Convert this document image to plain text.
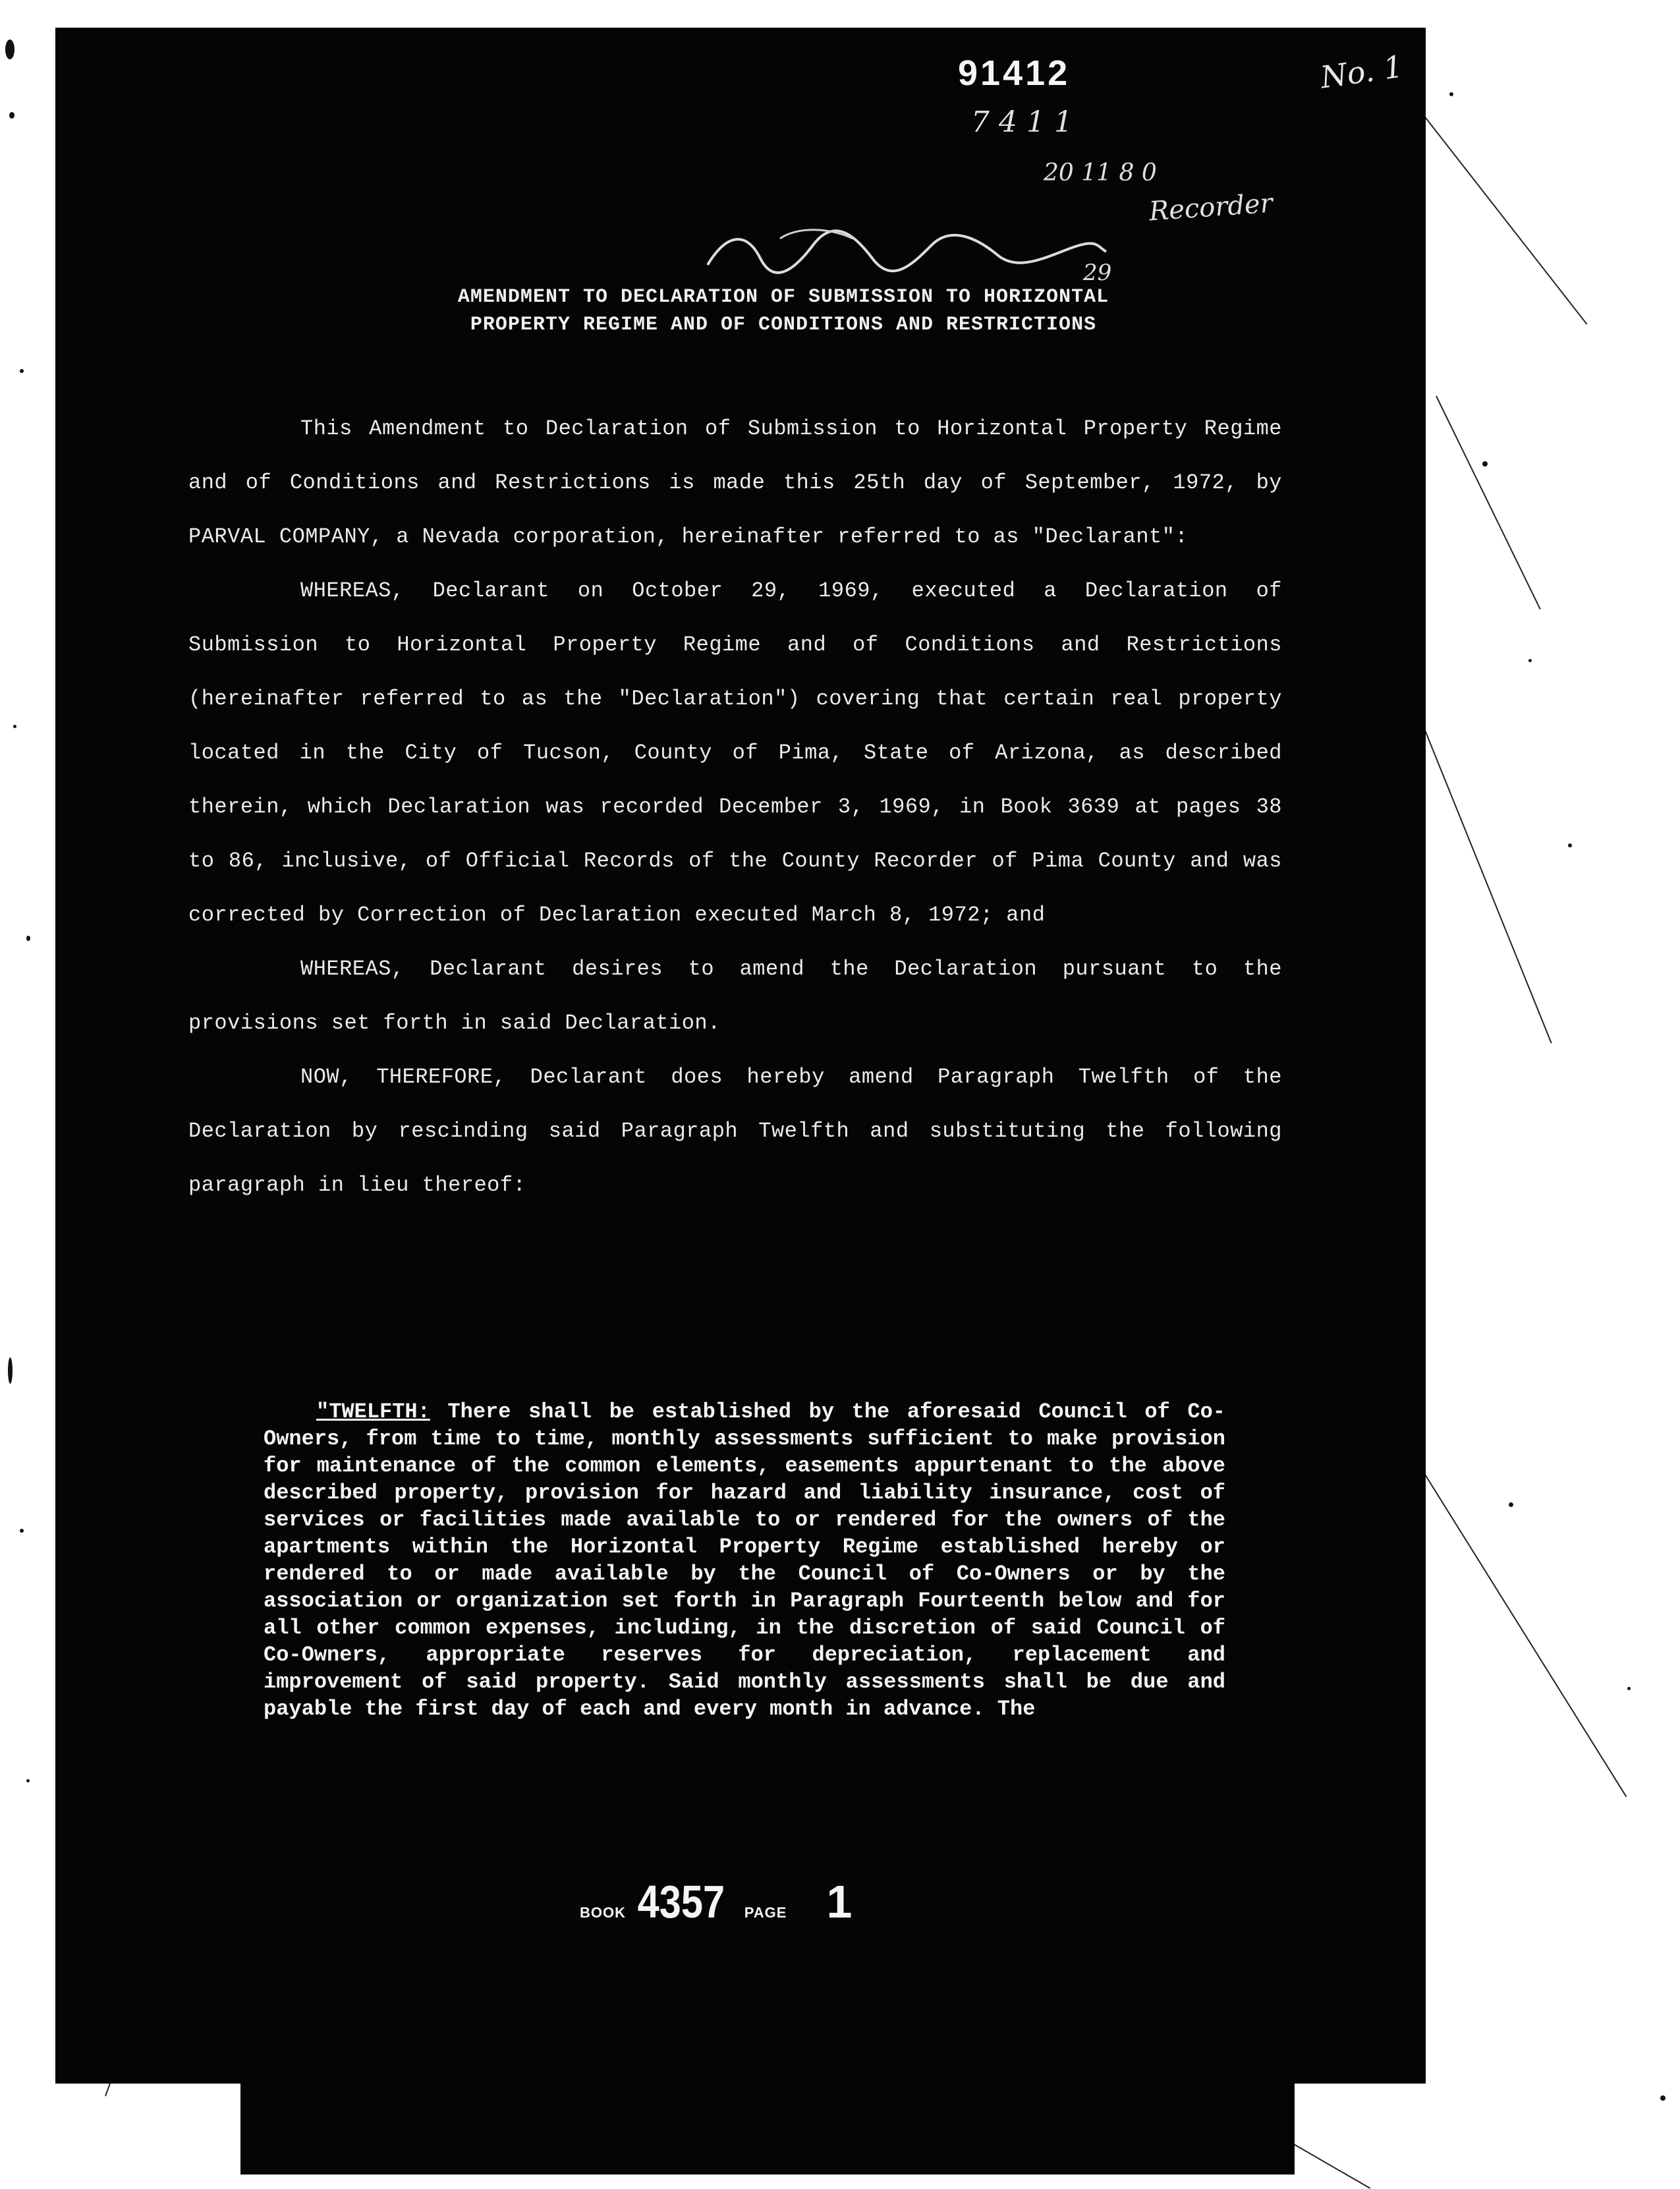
91412	No. 1
7 4 1 1
20 11 8 0
Recorder
29
AMENDMENT TO DECLARATION OF SUBMISSION TO HORIZONTAL
PROPERTY REGIME AND OF CONDITIONS AND RESTRICTIONS

This Amendment to Declaration of Submission to Horizontal Property Regime and of Conditions and Restrictions is made this 25th day of September, 1972, by PARVAL COMPANY, a Nevada corporation, hereinafter referred to as "Declarant":

WHEREAS, Declarant on October 29, 1969, executed a Declaration of Submission to Horizontal Property Regime and of Conditions and Restrictions (hereinafter referred to as the "Declaration") covering that certain real property located in the City of Tucson, County of Pima, State of Arizona, as described therein, which Declaration was recorded December 3, 1969, in Book 3639 at pages 38 to 86, inclusive, of Official Records of the County Recorder of Pima County and was corrected by Correction of Declaration executed March 8, 1972; and

WHEREAS, Declarant desires to amend the Declaration pursuant to the provisions set forth in said Declaration.

NOW, THEREFORE, Declarant does hereby amend Paragraph Twelfth of the Declaration by rescinding said Paragraph Twelfth and substituting the following paragraph in lieu thereof:

"TWELFTH: There shall be established by the aforesaid Council of Co-Owners, from time to time, monthly assessments sufficient to make provision for maintenance of the common elements, easements appurtenant to the above described property, provision for hazard and liability insurance, cost of services or facilities made available to or rendered for the owners of the apartments within the Horizontal Property Regime established hereby or rendered to or made available by the Council of Co-Owners or by the association or organization set forth in Paragraph Fourteenth below and for all other common expenses, including, in the discretion of said Council of Co-Owners, appropriate reserves for depreciation, replacement and improvement of said property. Said monthly assessments shall be due and payable the first day of each and every month in advance. The
BOOK 4357 PAGE 1
